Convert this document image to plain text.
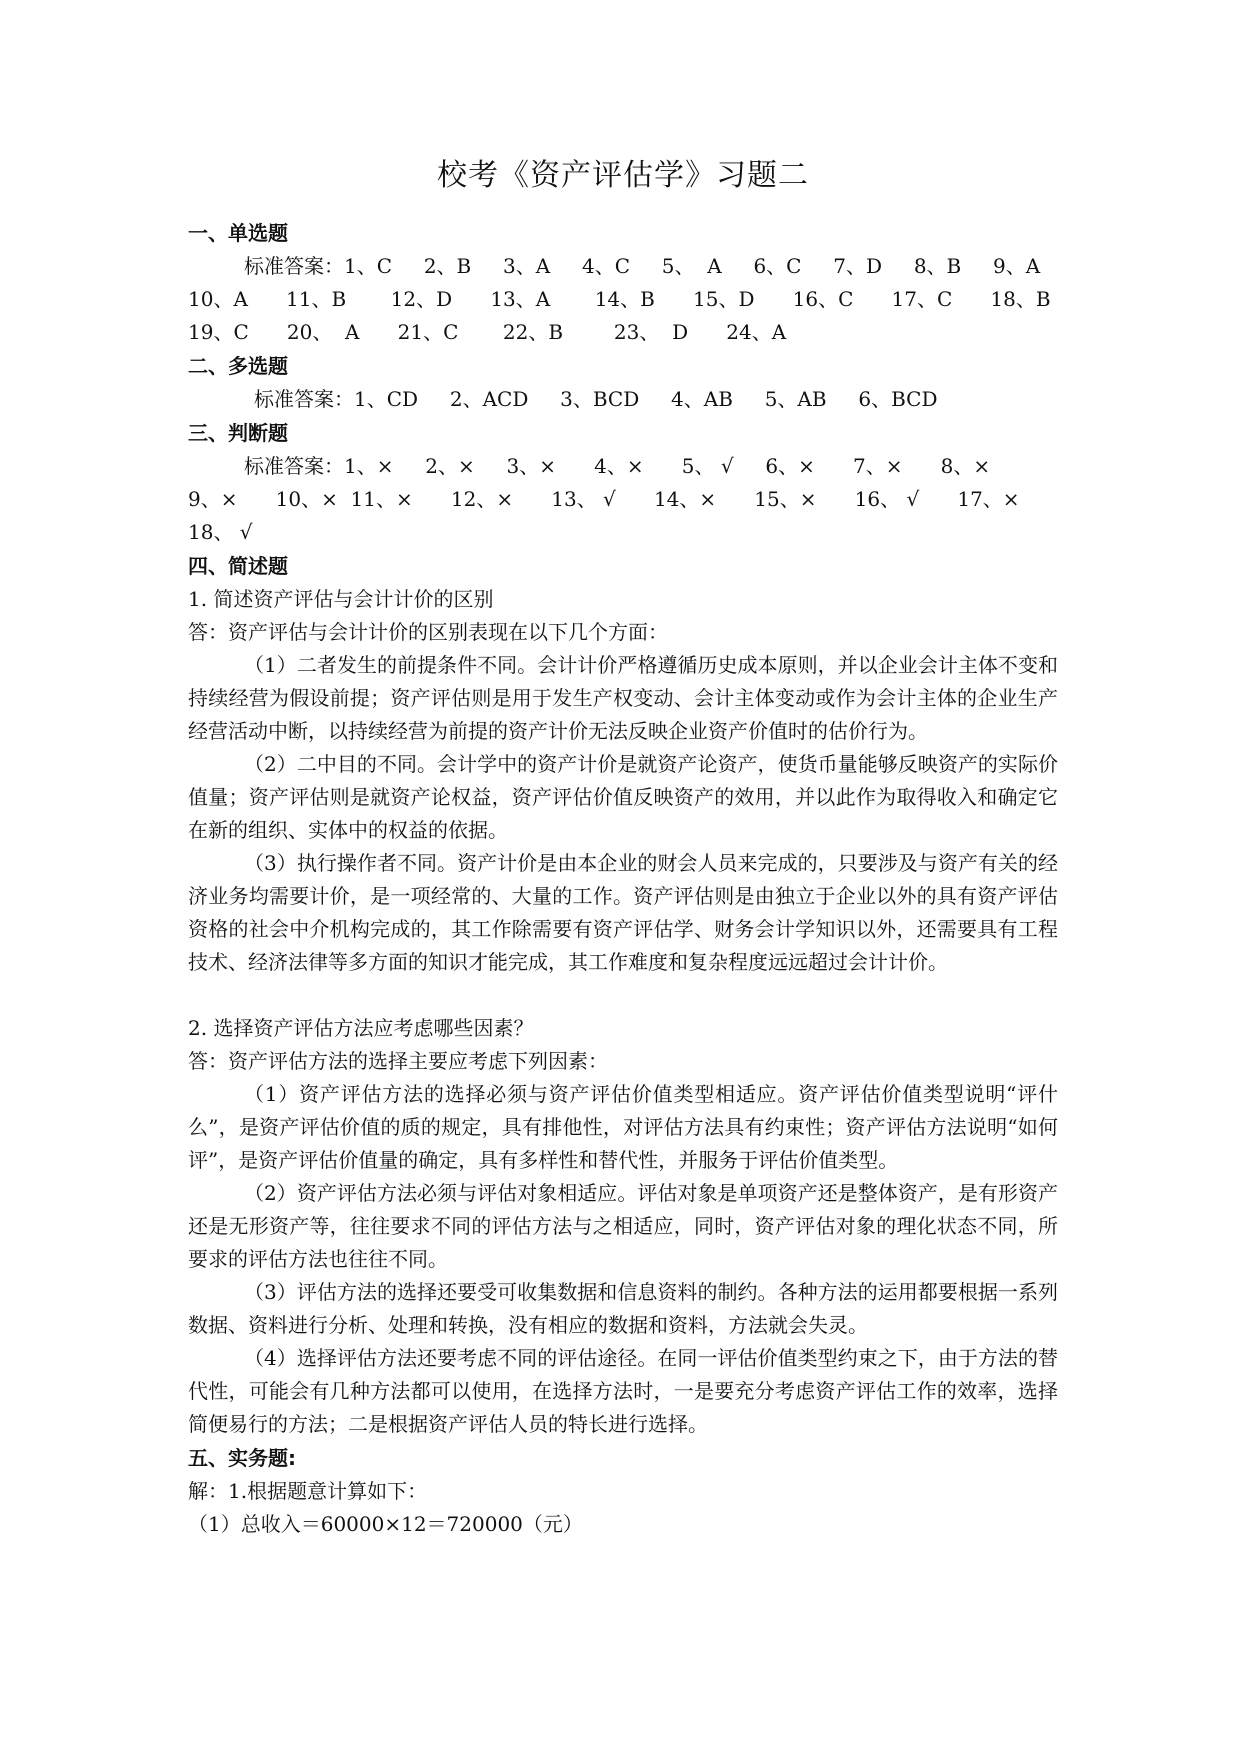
校考《资产评估学》习题二
一、单选题
标准答案：1、C     2、B     3、A     4、C     5、  A     6、C     7、D     8、B     9、A
10、A      11、B       12、D      13、A       14、B      15、D      16、C      17、C      18、B
19、C      20、  A      21、C       22、B        23、  D      24、A
二、多选题
标准答案：1、CD     2、ACD     3、BCD     4、AB     5、AB     6、BCD
三、判断题
标准答案：1、×     2、×     3、×      4、×      5、 √     6、×      7、×      8、×
9、×      10、×  11、×      12、×      13、 √      14、×      15、×      16、 √      17、×
18、 √
四、简述题

1. 简述资产评估与会计计价的区别

答：资产评估与会计计价的区别表现在以下几个方面：

（1）二者发生的前提条件不同。会计计价严格遵循历史成本原则，并以企业会计主体不变和持续经营为假设前提；资产评估则是用于发生产权变动、会计主体变动或作为会计主体的企业生产经营活动中断，以持续经营为前提的资产计价无法反映企业资产价值时的估价行为。

（2）二中目的不同。会计学中的资产计价是就资产论资产，使货币量能够反映资产的实际价值量；资产评估则是就资产论权益，资产评估价值反映资产的效用，并以此作为取得收入和确定它在新的组织、实体中的权益的依据。

（3）执行操作者不同。资产计价是由本企业的财会人员来完成的，只要涉及与资产有关的经济业务均需要计价，是一项经常的、大量的工作。资产评估则是由独立于企业以外的具有资产评估资格的社会中介机构完成的，其工作除需要有资产评估学、财务会计学知识以外，还需要具有工程技术、经济法律等多方面的知识才能完成，其工作难度和复杂程度远远超过会计计价。

2. 选择资产评估方法应考虑哪些因素？

答：资产评估方法的选择主要应考虑下列因素：

（1）资产评估方法的选择必须与资产评估价值类型相适应。资产评估价值类型说明“评什么”，是资产评估价值的质的规定，具有排他性，对评估方法具有约束性；资产评估方法说明“如何评”，是资产评估价值量的确定，具有多样性和替代性，并服务于评估价值类型。

（2）资产评估方法必须与评估对象相适应。评估对象是单项资产还是整体资产，是有形资产还是无形资产等，往往要求不同的评估方法与之相适应，同时，资产评估对象的理化状态不同，所要求的评估方法也往往不同。

（3）评估方法的选择还要受可收集数据和信息资料的制约。各种方法的运用都要根据一系列数据、资料进行分析、处理和转换，没有相应的数据和资料，方法就会失灵。

（4）选择评估方法还要考虑不同的评估途径。在同一评估价值类型约束之下，由于方法的替代性，可能会有几种方法都可以使用，在选择方法时，一是要充分考虑资产评估工作的效率，选择简便易行的方法；二是根据资产评估人员的特长进行选择。

五、实务题:

解：1.根据题意计算如下：

（1）总收入＝60000×12＝720000（元）
